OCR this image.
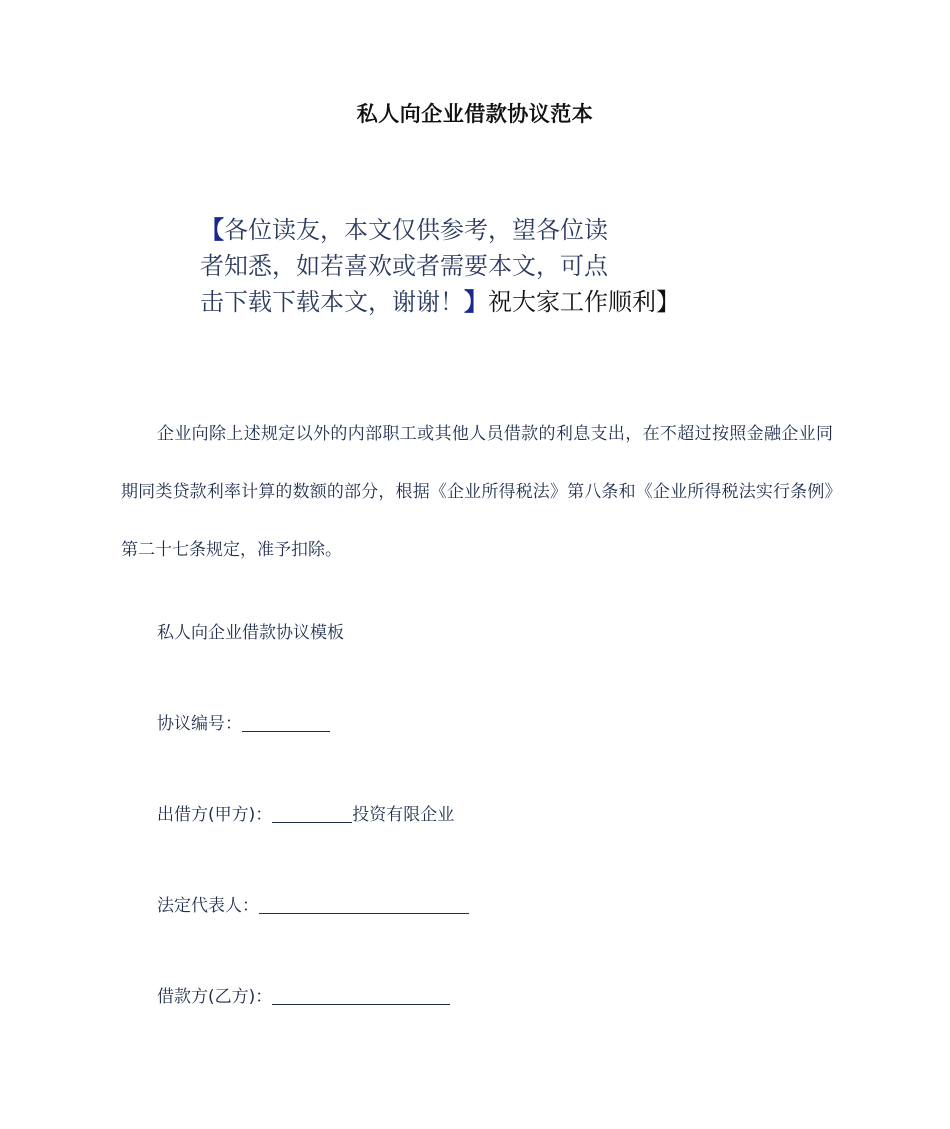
私人向企业借款协议范本
【各位读友，本文仅供参考，望各位读
者知悉，如若喜欢或者需要本文，可点
击下载下载本文，谢谢！】祝大家工作顺利】
企业向除上述规定以外的内部职工或其他人员借款的利息支出，在不超过按照金融企业同期同类贷款利率计算的数额的部分，根据《企业所得税法》第八条和《企业所得税法实行条例》第二十七条规定，准予扣除。
私人向企业借款协议模板
协议编号：
出借方(甲方)：	投资有限企业
法定代表人：
借款方(乙方)：
